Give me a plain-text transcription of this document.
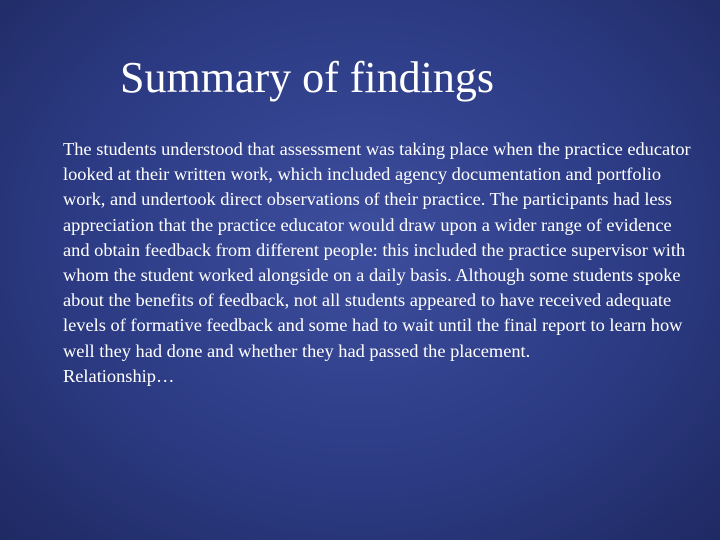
Summary of findings

The students understood that assessment was taking place when the practice educator looked at their written work, which included agency documentation and portfolio work, and undertook direct observations of their practice. The participants had less appreciation that the practice educator would draw upon a wider range of evidence and obtain feedback from different people: this included the practice supervisor with whom the student worked alongside on a daily basis. Although some students spoke about the benefits of feedback, not all students appeared to have received adequate levels of formative feedback and some had to wait until the final report to learn how well they had done and whether they had passed the placement.

Relationship…
